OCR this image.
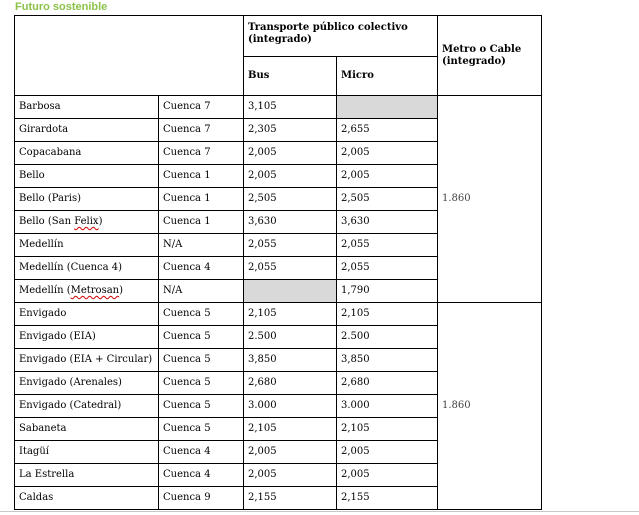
Futuro sostenible
		Transporte público colectivo (integrado)		Metro o Cable (integrado)
		Bus	Micro	
Barbosa	Cuenca 7	3,105		1.860
Girardota	Cuenca 7	2,305	2,655	
Copacabana	Cuenca 7	2,005	2,005	
Bello	Cuenca 1	2,005	2,005	
Bello (Paris)	Cuenca 1	2,505	2,505	
Bello (San Felix)	Cuenca 1	3,630	3,630	
Medellín	N/A	2,055	2,055	
Medellín (Cuenca 4)	Cuenca 4	2,055	2,055	
Medellín (Metrosan)	N/A		1,790	
Envigado	Cuenca 5	2,105	2,105	1.860
Envigado (EIA)	Cuenca 5	2.500	2.500	
Envigado (EIA + Circular)	Cuenca 5	3,850	3,850	
Envigado (Arenales)	Cuenca 5	2,680	2,680	
Envigado (Catedral)	Cuenca 5	3.000	3.000	
Sabaneta	Cuenca 5	2,105	2,105	
Itagüí	Cuenca 4	2,005	2,005	
La Estrella	Cuenca 4	2,005	2,005	
Caldas	Cuenca 9	2,155	2,155	
